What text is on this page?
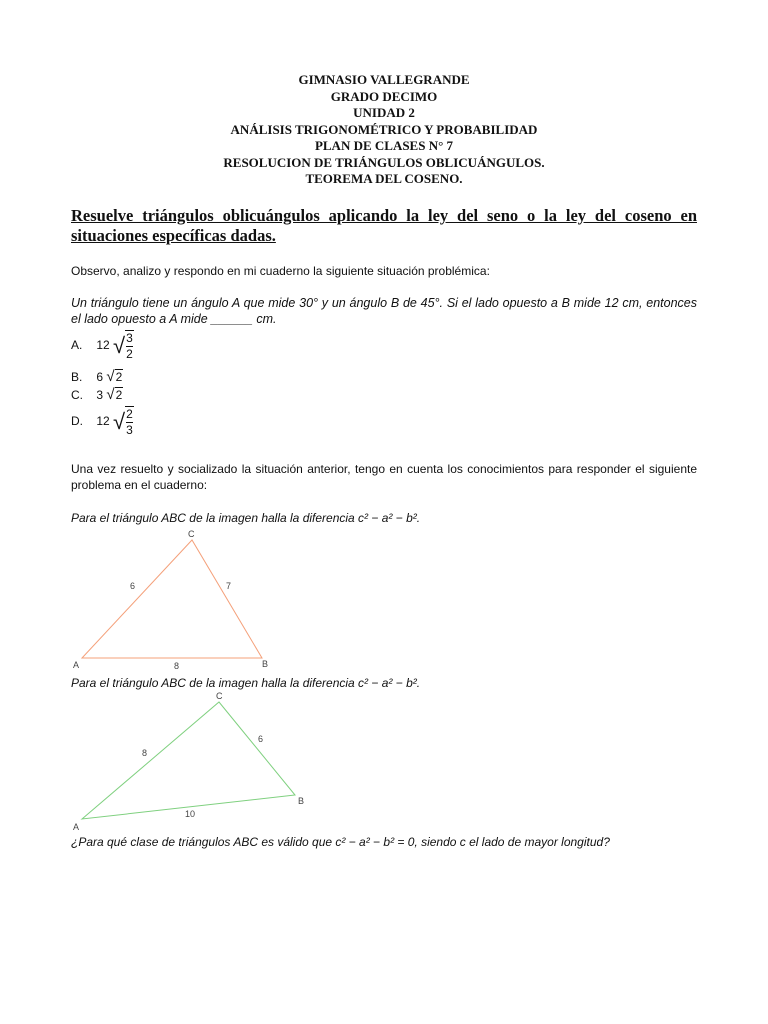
GIMNASIO VALLEGRANDE
GRADO DECIMO
UNIDAD 2
ANÁLISIS TRIGONOMÉTRICO Y PROBABILIDAD
PLAN DE CLASES N° 7
RESOLUCION DE TRIÁNGULOS OBLICUÁNGULOS.
TEOREMA DEL COSENO.
Resuelve triángulos oblicuángulos aplicando la ley del seno o la ley del coseno en situaciones específicas dadas.
Observo, analizo y respondo en mi cuaderno la siguiente situación problémica:
Un triángulo tiene un ángulo A que mide 30° y un ángulo B de 45°. Si el lado opuesto a B mide 12 cm, entonces el lado opuesto a A mide ______ cm.
A. 12 √ $\frac{3}{2}$
B. 6 √2
C. 3 √2
D. 12 √ $\frac{2}{3}$
Una vez resuelto y socializado la situación anterior, tengo en cuenta los conocimientos para responder el siguiente problema en el cuaderno:
Para el triángulo ABC de la imagen halla la diferencia c² − a² − b².
A	B
C
6	7
8
Para el triángulo ABC de la imagen halla la diferencia c² − a² − b².
A
B
C
8
6
10
¿Para qué clase de triángulos ABC es válido que c² − a² − b² = 0, siendo c el lado de mayor longitud?
